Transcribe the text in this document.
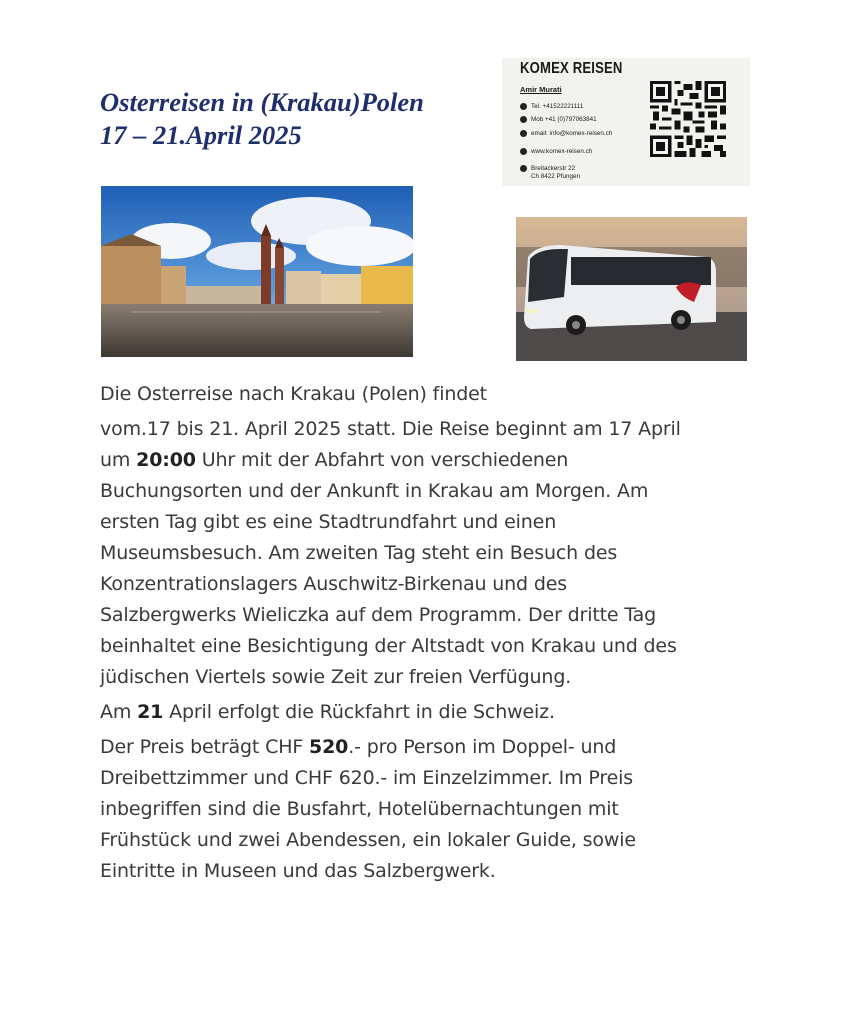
Osterreisen in (Krakau)Polen
17 – 21.April 2025
KOMEX REISEN
Amir Murati
Tel. +41522221111
Mob +41 (0)797063841
email: info@komex-reisen.ch
www.komex-reisen.ch
Breitackerstr 22
Ch 8422 Pfungen
Die Osterreise nach Krakau (Polen) findet
vom.17 bis 21. April 2025 statt. Die Reise beginnt am 17 April
um 20:00 Uhr mit der Abfahrt von verschiedenen
Buchungsorten und der Ankunft in Krakau am Morgen. Am
ersten Tag gibt es eine Stadtrundfahrt und einen
Museumsbesuch. Am zweiten Tag steht ein Besuch des
Konzentrationslagers Auschwitz-Birkenau und des
Salzbergwerks Wieliczka auf dem Programm. Der dritte Tag
beinhaltet eine Besichtigung der Altstadt von Krakau und des
jüdischen Viertels sowie Zeit zur freien Verfügung.
Am 21 April erfolgt die Rückfahrt in die Schweiz.
Der Preis beträgt CHF 520.- pro Person im Doppel- und
Dreibettzimmer und CHF 620.- im Einzelzimmer. Im Preis
inbegriffen sind die Busfahrt, Hotelübernachtungen mit
Frühstück und zwei Abendessen, ein lokaler Guide, sowie
Eintritte in Museen und das Salzbergwerk.
